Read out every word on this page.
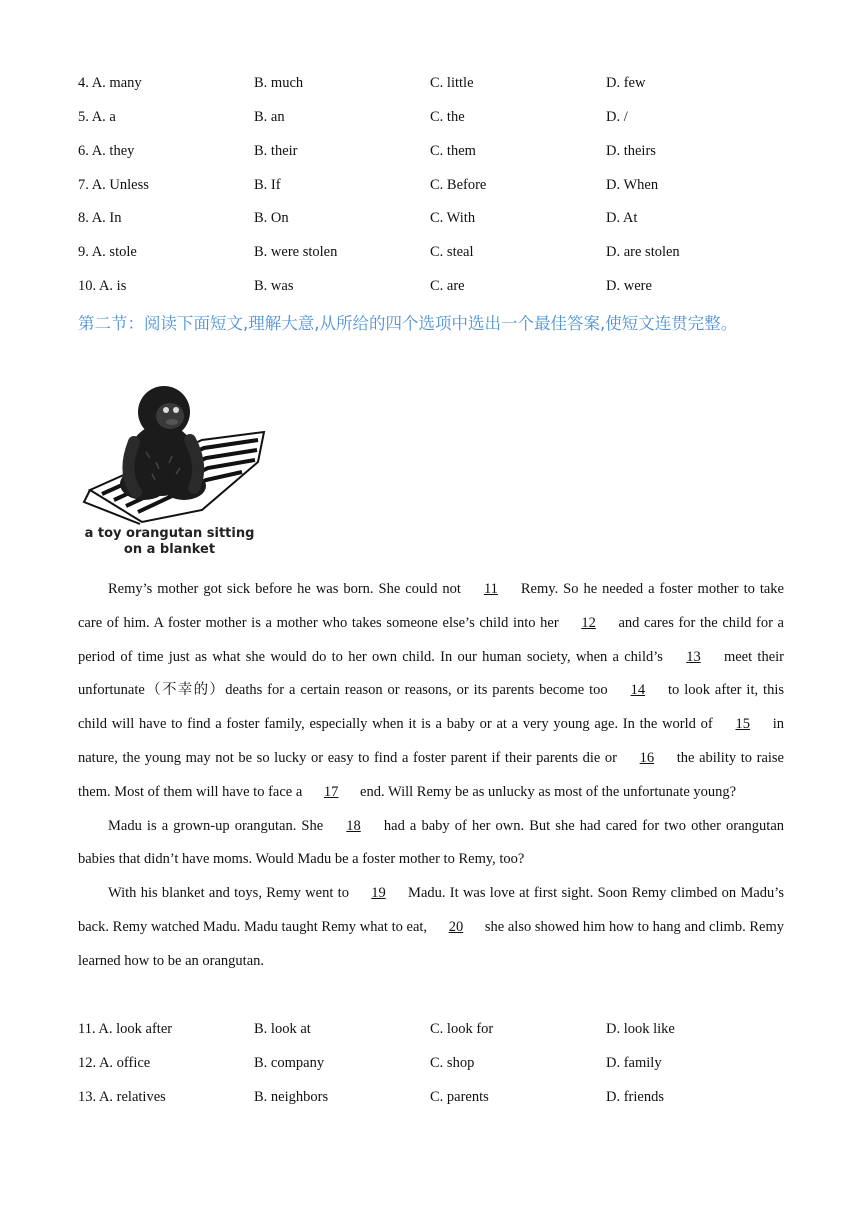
4. A. many	B. much	C. little	D. few
5. A. a	B. an	C. the	D. /
6. A. they	B. their	C. them	D. theirs
7. A. Unless	B. If	C. Before	D. When
8. A. In	B. On	C. With	D. At
9. A. stole	B. were stolen	C. steal	D. are stolen
10. A. is	B. was	C. are	D. were
第二节：阅读下面短文,理解大意,从所给的四个选项中选出一个最佳答案,使短文连贯完整。
a toy orangutan sitting
on a blanket

Remy’s mother got sick before he was born. She could not 11 Remy. So he needed a foster mother to take care of him. A foster mother is a mother who takes someone else’s child into her 12 and cares for the child for a period of time just as what she would do to her own child. In our human society, when a child’s 13 meet their unfortunate（不幸的）deaths for a certain reason or reasons, or its parents become too 14 to look after it, this child will have to find a foster family, especially when it is a baby or at a very young age. In the world of 15 in nature, the young may not be so lucky or easy to find a foster parent if their parents die or 16 the ability to raise them. Most of them will have to face a 17 end. Will Remy be as unlucky as most of the unfortunate young?

Madu is a grown-up orangutan. She 18 had a baby of her own. But she had cared for two other orangutan babies that didn’t have moms. Would Madu be a foster mother to Remy, too?

With his blanket and toys, Remy went to 19 Madu. It was love at first sight. Soon Remy climbed on Madu’s back. Remy watched Madu. Madu taught Remy what to eat, 20 she also showed him how to hang and climb. Remy learned how to be an orangutan.

11. A. look after	B. look at	C. look for	D. look like
12. A. office	B. company	C. shop	D. family
13. A. relatives	B. neighbors	C. parents	D. friends
